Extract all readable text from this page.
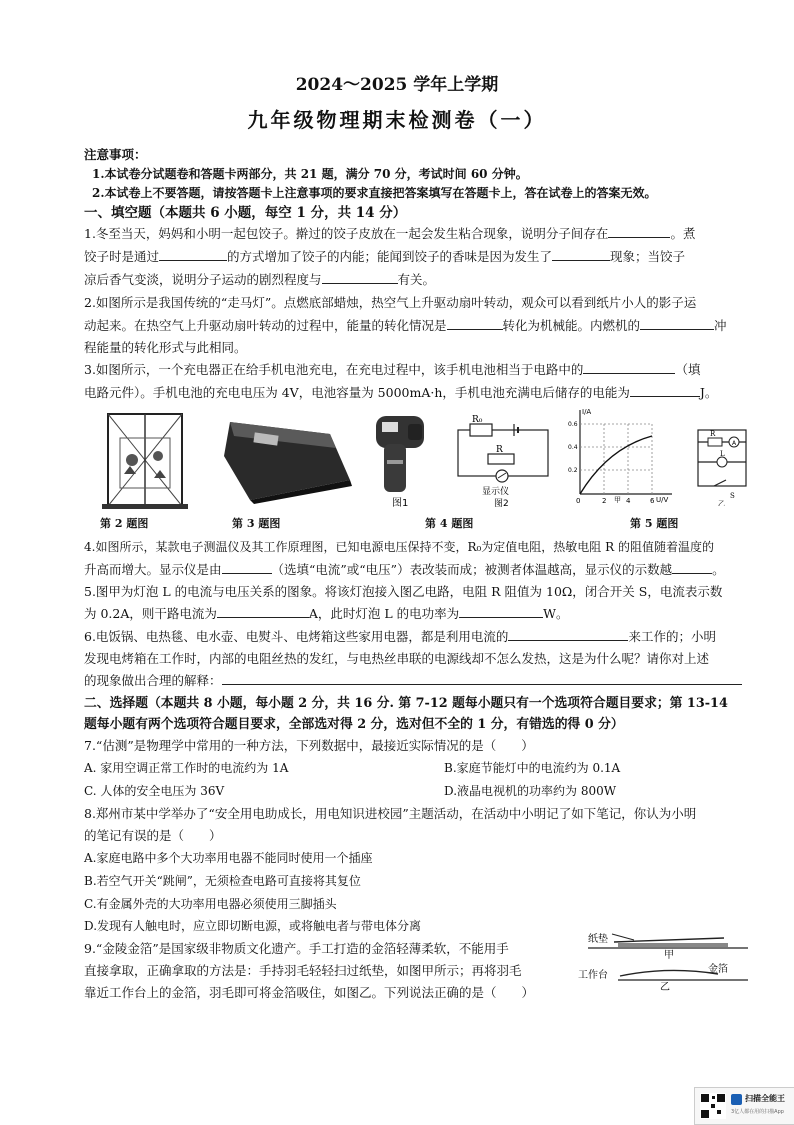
2024～2025 学年上学期
九年级物理期末检测卷（一）
注意事项：
1.本试卷分试题卷和答题卡两部分，共 21 题，满分 70 分，考试时间 60 分钟。
2.本试卷上不要答题，请按答题卡上注意事项的要求直接把答案填写在答题卡上，答在试卷上的答案无效。
一、填空题（本题共 6 小题，每空 1 分，共 14 分）
1.冬至当天，妈妈和小明一起包饺子。擀过的饺子皮放在一起会发生粘合现象，说明分子间存在	。煮
饺子时是通过	的方式增加了饺子的内能；能闻到饺子的香味是因为发生了	现象；当饺子
凉后香气变淡，说明分子运动的剧烈程度与	有关。
2.如图所示是我国传统的“走马灯”。点燃底部蜡烛，热空气上升驱动扇叶转动，观众可以看到纸片小人的影子运
动起来。在热空气上升驱动扇叶转动的过程中，能量的转化情况是	转化为机械能。内燃机的	冲
程能量的转化形式与此相同。
3.如图所示，一个充电器正在给手机电池充电，在充电过程中，该手机电池相当于电路中的	（填
电路元件）。手机电池的充电电压为 4V，电池容量为 5000mA·h，手机电池充满电后储存的电能为	J。
图1
R₀
R
显示仪
图2
I/A
U/V
0	2	4	6
0.2
0.4
0.6
甲
R
A
L
S
乙
第 2 题图	第 3 题图	第 4 题图	第 5 题图
4.如图所示，某款电子测温仪及其工作原理图，已知电源电压保持不变，R₀为定值电阻，热敏电阻 R 的阻值随着温度的
升高而增大。显示仪是由	（选填“电流”或“电压”）表改装而成；被测者体温越高，显示仪的示数越	。
5.图甲为灯泡 L 的电流与电压关系的图象。将该灯泡接入图乙电路，电阻 R 阻值为 10Ω，闭合开关 S，电流表示数
为 0.2A，则干路电流为	A，此时灯泡 L 的电功率为	W。
6.电饭锅、电热毯、电水壶、电熨斗、电烤箱这些家用电器，都是利用电流的	来工作的；小明
发现电烤箱在工作时，内部的电阻丝热的发红，与电热丝串联的电源线却不怎么发热，这是为什么呢？请你对上述
的现象做出合理的解释：
二、选择题（本题共 8 小题，每小题 2 分，共 16 分. 第 7-12 题每小题只有一个选项符合题目要求；第 13-14
题每小题有两个选项符合题目要求，全部选对得 2 分，选对但不全的 1 分，有错选的得 0 分）
7.“估测”是物理学中常用的一种方法，下列数据中，最接近实际情况的是（　　）
A. 家用空调正常工作时的电流约为 1A	B.家庭节能灯中的电流约为 0.1A
C. 人体的安全电压为 36V	D.液晶电视机的功率约为 800W
8.郑州市某中学举办了“安全用电助成长，用电知识进校园”主题活动，在活动中小明记了如下笔记，你认为小明
的笔记有误的是（　　）
A.家庭电路中多个大功率用电器不能同时使用一个插座
B.若空气开关“跳闸”，无须检查电路可直接将其复位
C.有金属外壳的大功率用电器必须使用三脚插头
D.发现有人触电时，应立即切断电源，或将触电者与带电体分离
9.“金陵金箔”是国家级非物质文化遗产。手工打造的金箔轻薄柔软，不能用手
直接拿取，正确拿取的方法是：手持羽毛轻轻扫过纸垫，如图甲所示；再将羽毛
靠近工作台上的金箔，羽毛即可将金箔吸住，如图乙。下列说法正确的是（　　）
纸垫
甲
工作台
金箔
乙
扫描全能王
3亿人都在用的扫描App
